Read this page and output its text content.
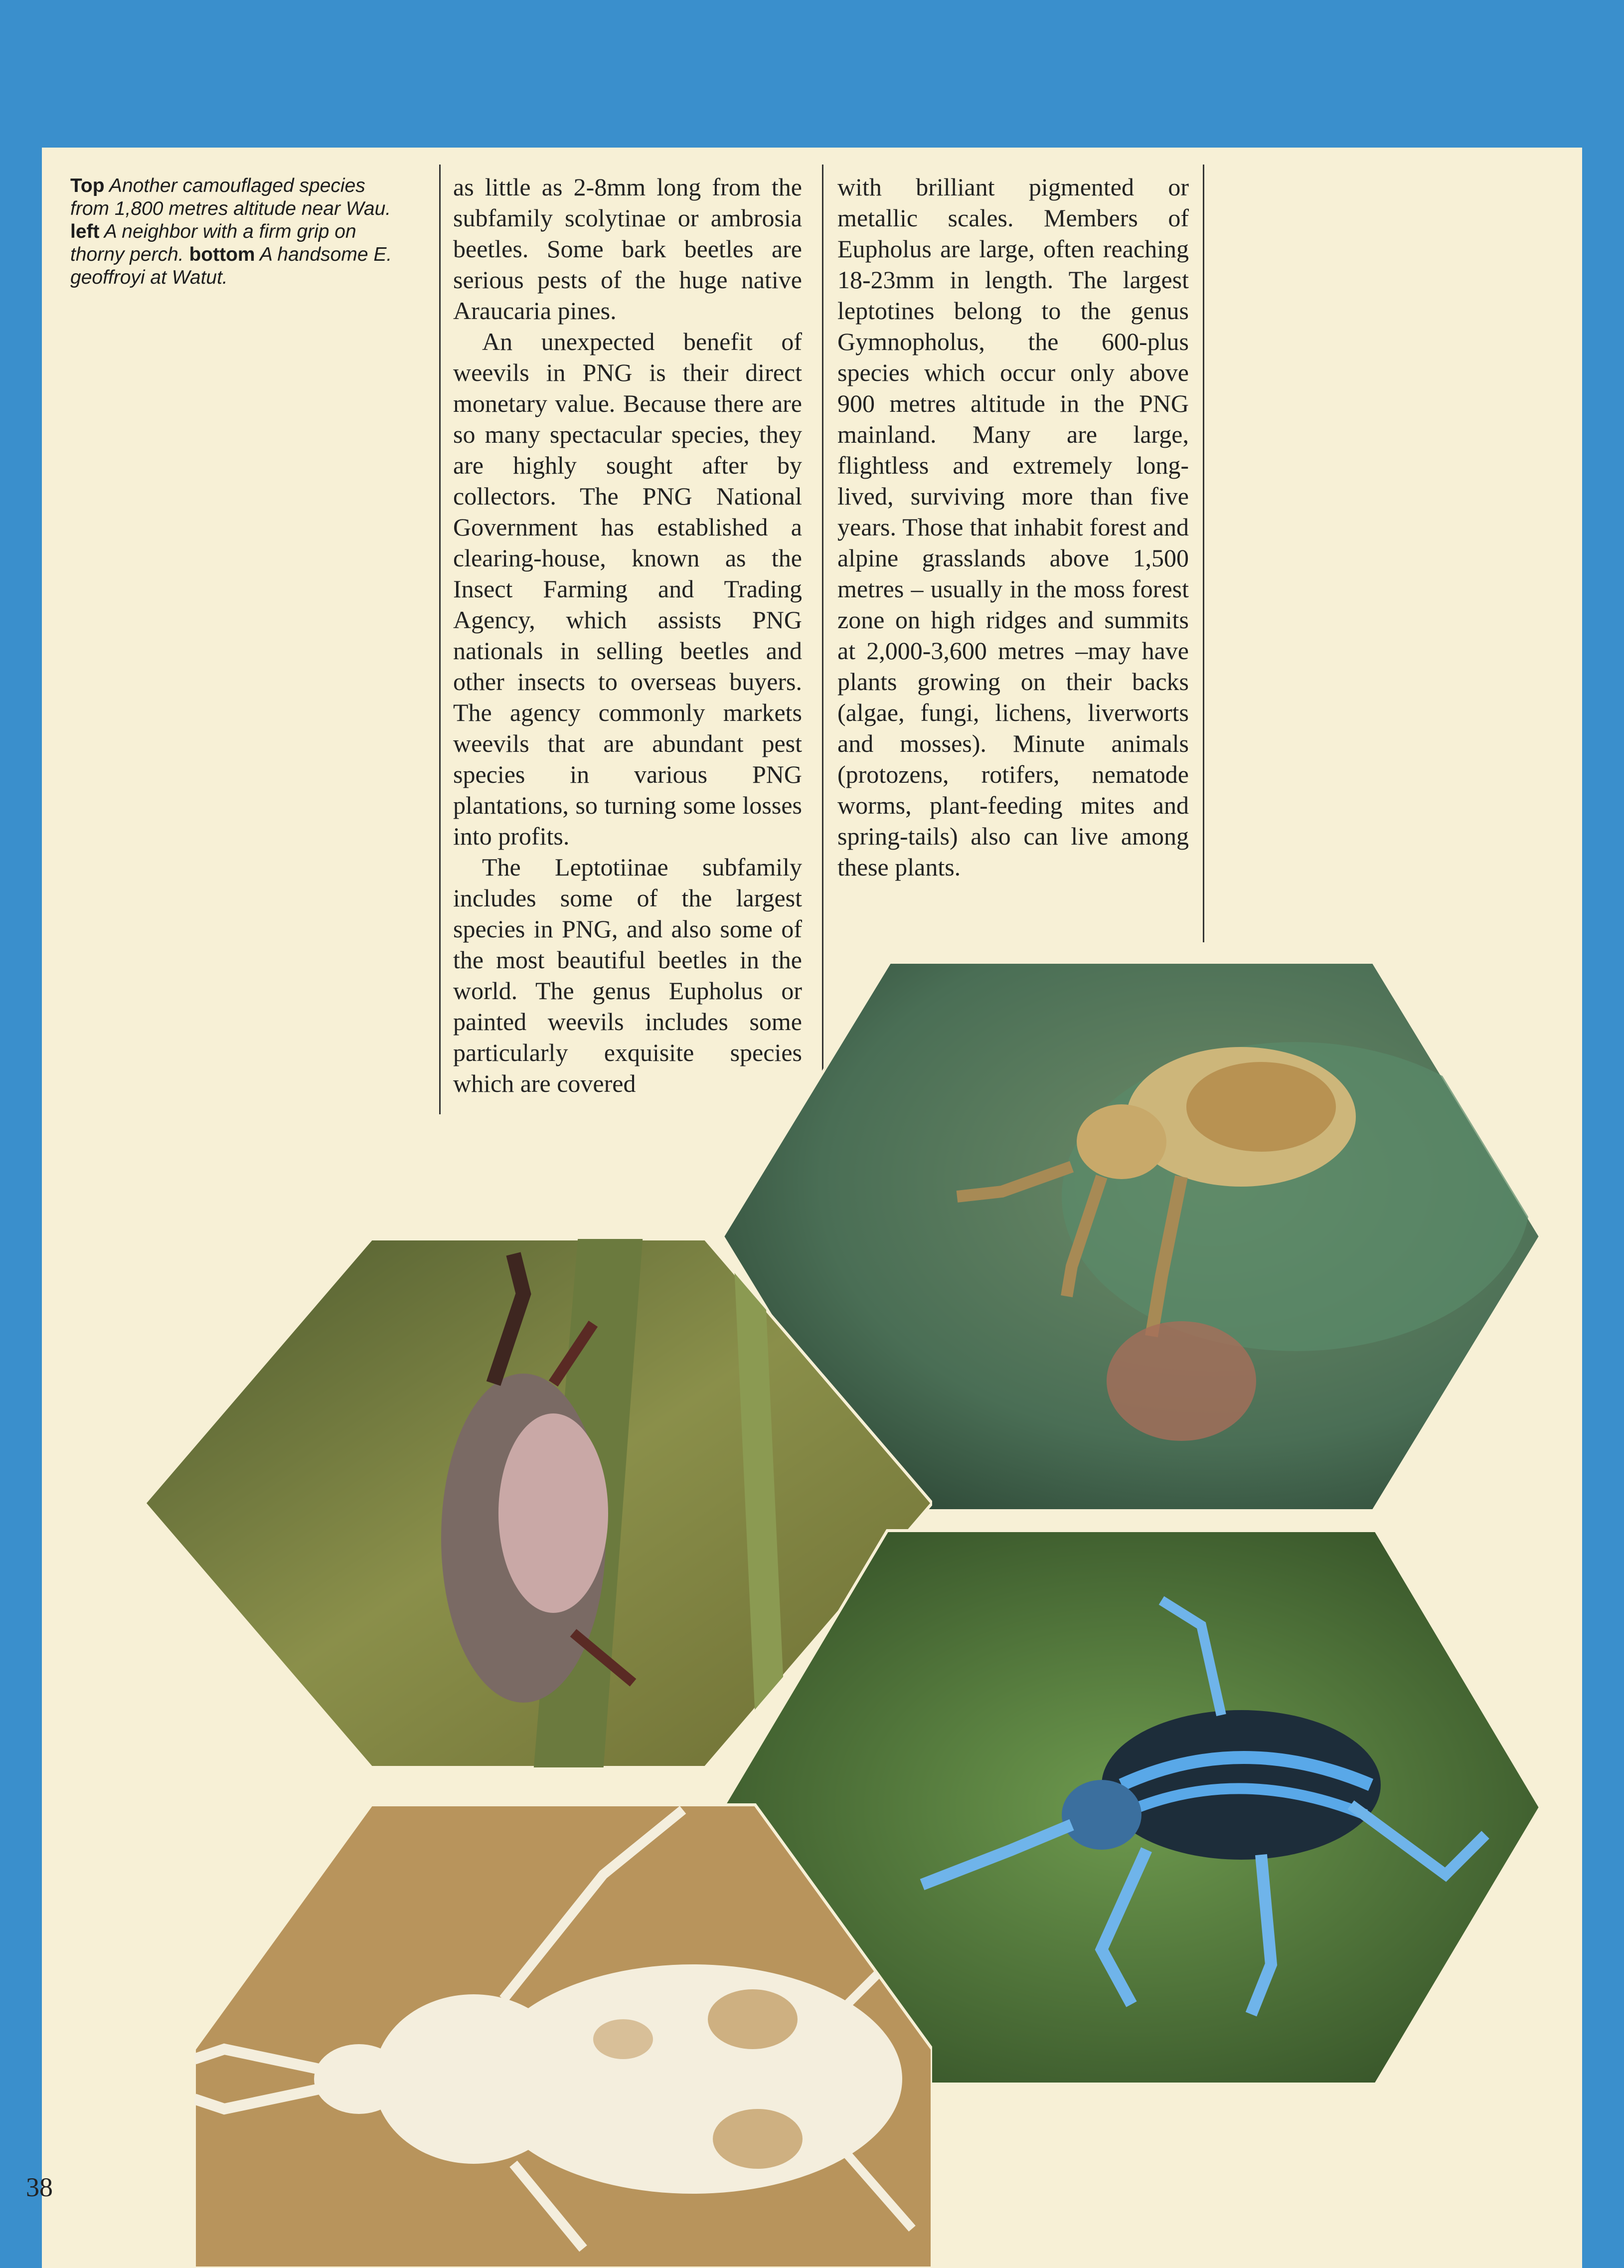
Top Another camouflaged species from 1,800 metres altitude near Wau. left A neighbor with a firm grip on thorny perch. bottom A handsome E. geoffroyi at Watut.

as little as 2-8mm long from the subfamily scolytinae or ambrosia beetles. Some bark beetles are serious pests of the huge native Araucaria pines.

An unexpected benefit of weevils in PNG is their direct monetary value. Because there are so many spectacular species, they are highly sought after by collectors. The PNG National Government has established a clearing-house, known as the Insect Farming and Trading Agency, which assists PNG nationals in selling beetles and other insects to overseas buyers. The agency commonly markets weevils that are abundant pest species in various PNG plantations, so turning some losses into profits.

The Leptotiinae subfamily includes some of the largest species in PNG, and also some of the most beautiful beetles in the world. The genus Eupholus or painted weevils includes some particularly exquisite species which are covered

with brilliant pigmented or metallic scales. Members of Eupholus are large, often reaching 18-23mm in length. The largest leptotines belong to the genus Gymnopholus, the 600-plus species which occur only above 900 metres altitude in the PNG mainland. Many are large, flightless and extremely long-lived, surviving more than five years. Those that inhabit forest and alpine grasslands above 1,500 metres – usually in the moss forest zone on high ridges and summits at 2,000-3,600 metres –may have plants growing on their backs (algae, fungi, lichens, liverworts and mosses). Minute animals (protozens, rotifers, nematode worms, plant-feeding mites and spring-tails) also can live among these plants.

38
